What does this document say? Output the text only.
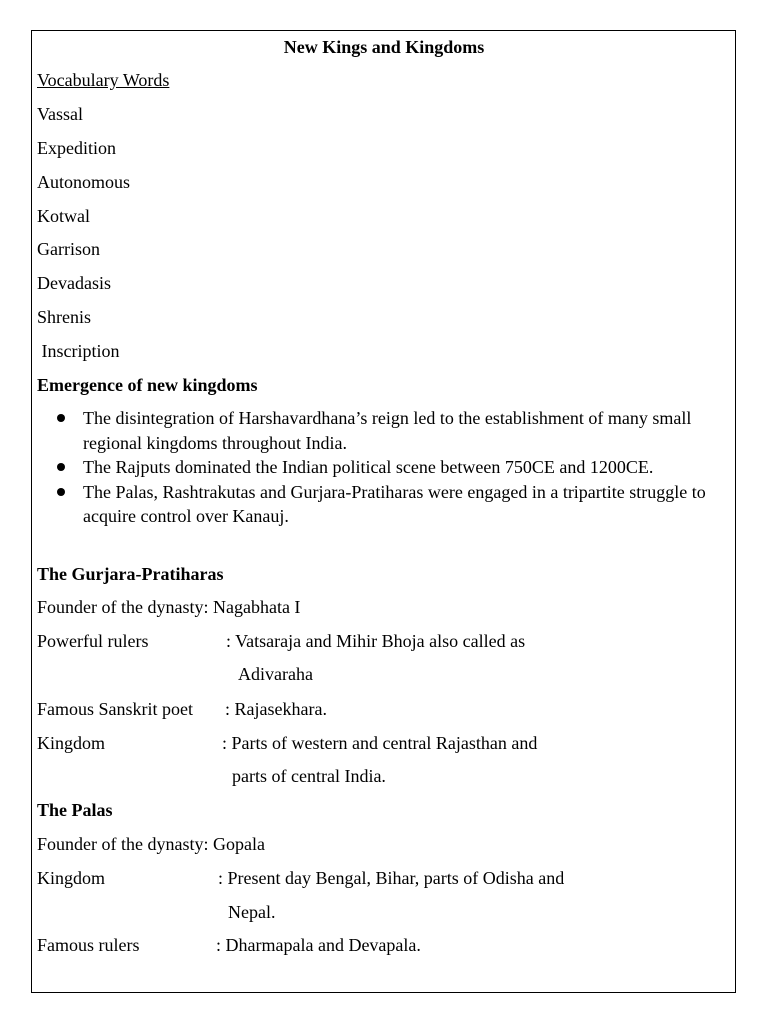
New Kings and Kingdoms
Vocabulary Words
Vassal
Expedition
Autonomous
Kotwal
Garrison
Devadasis
Shrenis
Inscription
Emergence of new kingdoms
The disintegration of Harshavardhana’s reign led to the establishment of many small regional kingdoms throughout India.
The Rajputs dominated the Indian political scene between 750CE and 1200CE.
The Palas, Rashtrakutas and Gurjara-Pratiharas were engaged in a tripartite struggle to acquire control over Kanauj.
The Gurjara-Pratiharas
Founder of the dynasty: Nagabhata I
Powerful rulers	: Vatsaraja and Mihir Bhoja also called as
Adivaraha
Famous Sanskrit poet : Rajasekhara.
Kingdom	: Parts of western and central Rajasthan and
parts of central India.
The Palas
Founder of the dynasty: Gopala
Kingdom	: Present day Bengal, Bihar, parts of Odisha and
Nepal.
Famous rulers	: Dharmapala and Devapala.
